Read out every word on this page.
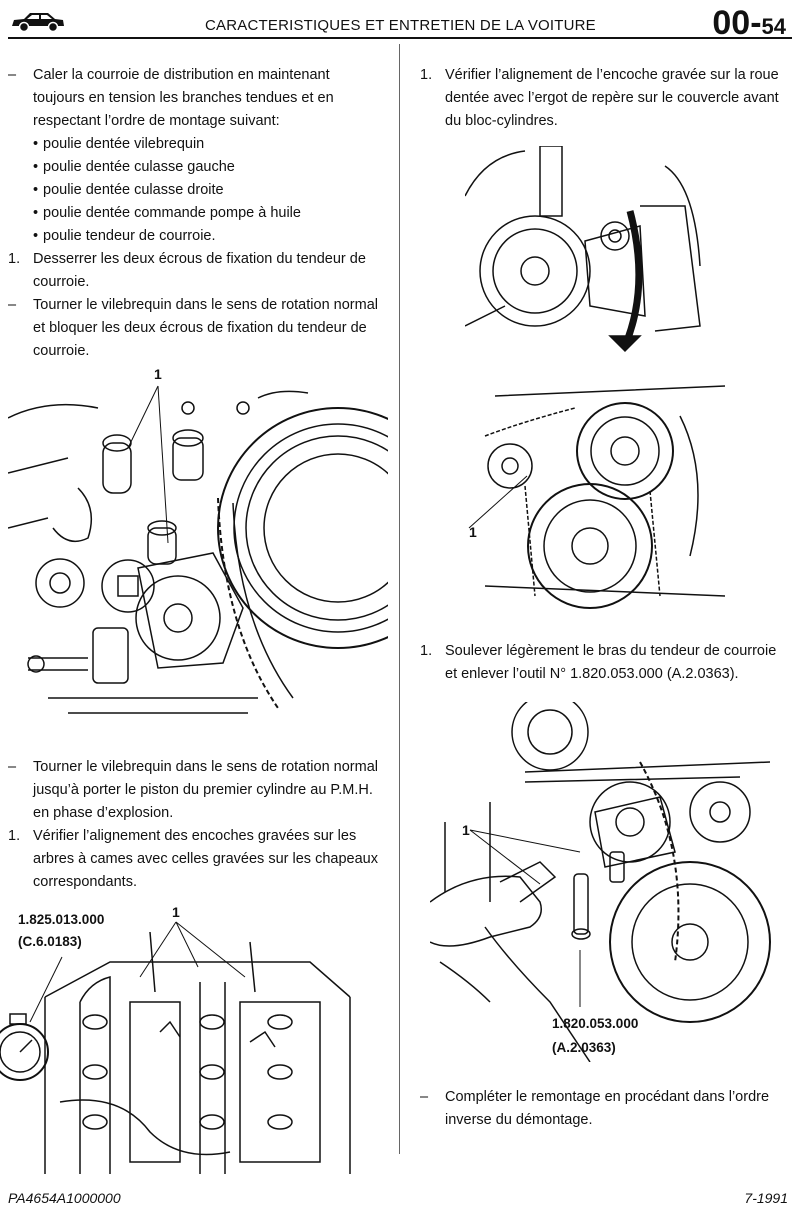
CARACTERISTIQUES ET ENTRETIEN DE LA VOITURE	00-54

– Caler la courroie de distribution en maintenant toujours en tension les branches tendues et en respectant l’ordre de montage suivant:

• poulie dentée vilebrequin
• poulie dentée culasse gauche
• poulie dentée culasse droite
• poulie dentée commande pompe à huile
• poulie tendeur de courroie.

1. Desserrer les deux écrous de fixation du tendeur de courroie.

– Tourner le vilebrequin dans le sens de rotation normal et bloquer les deux écrous de fixation du tendeur de courroie.

1

– Tourner le vilebrequin dans le sens de rotation normal jusqu’à porter le piston du premier cylindre au P.M.H. en phase d’explosion.

1. Vérifier l’alignement des encoches gravées sur les arbres à cames avec celles gravées sur les chapeaux correspondants.

1.825.013.000
(C.6.0183)
1

1. Vérifier l’alignement de l’encoche gravée sur la roue dentée avec l’ergot de repère sur le couvercle avant du bloc-cylindres.

1

1. Soulever légèrement le bras du tendeur de courroie et enlever l’outil N° 1.820.053.000 (A.2.0363).

1
1.820.053.000
(A.2.0363)

– Compléter le remontage en procédant dans l’ordre inverse du démontage.

PA4654A1000000	7-1991
